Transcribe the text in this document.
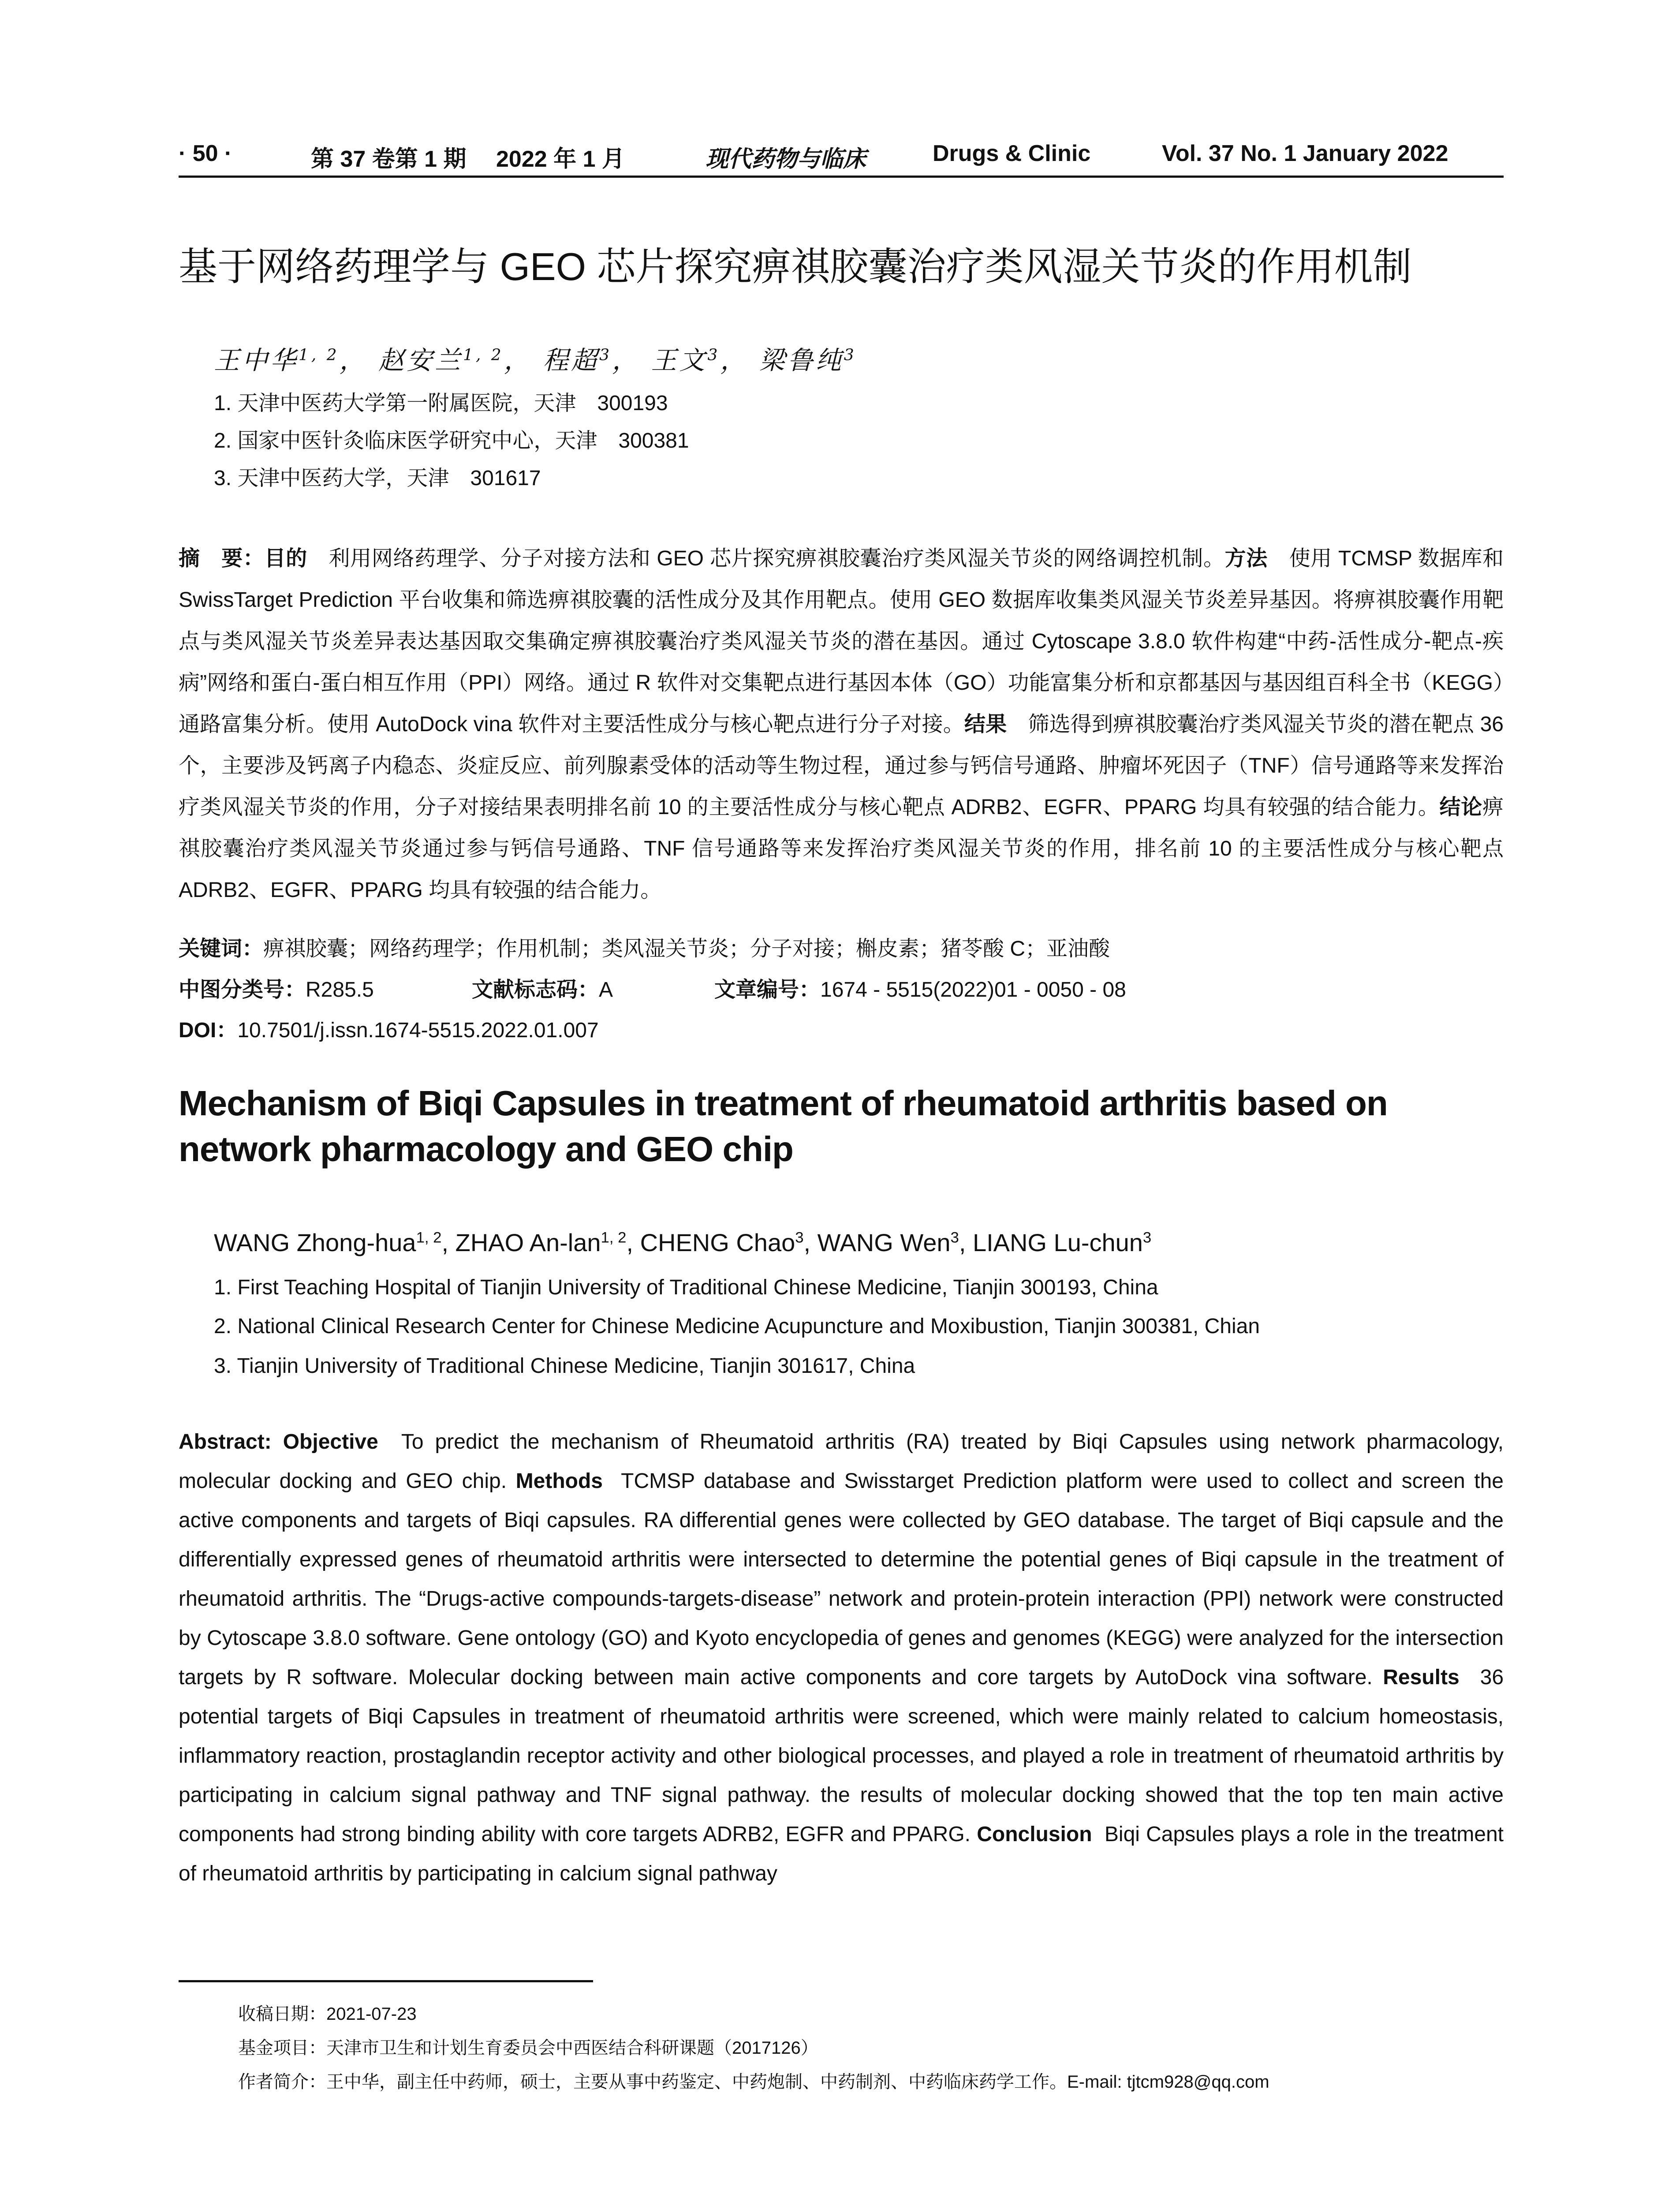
· 50 ·	第 37 卷第 1 期 2022 年 1 月	现代药物与临床	Drugs & Clinic	Vol. 37 No. 1 January 2022
基于网络药理学与 GEO 芯片探究痹祺胶囊治疗类风湿关节炎的作用机制
王中华$^{1, 2}$， 赵安兰$^{1, 2}$， 程超$^3$， 王文$^3$， 梁鲁纯$^3$
1. 天津中医药大学第一附属医院，天津　300193
2. 国家中医针灸临床医学研究中心，天津　300381
3. 天津中医药大学，天津　301617
摘　要：目的　 利用网络药理学、分子对接方法和 GEO 芯片探究痹祺胶囊治疗类风湿关节炎的网络调控机制。方法　 使用 TCMSP 数据库和 SwissTarget Prediction 平台收集和筛选痹祺胶囊的活性成分及其作用靶点。使用 GEO 数据库收集类风湿关节炎差异基因。将痹祺胶囊作用靶点与类风湿关节炎差异表达基因取交集确定痹祺胶囊治疗类风湿关节炎的潜在基因。通过 Cytoscape 3.8.0 软件构建“中药-活性成分-靶点-疾病”网络和蛋白-蛋白相互作用（PPI）网络。通过 R 软件对交集靶点进行基因本体（GO）功能富集分析和京都基因与基因组百科全书（KEGG）通路富集分析。使用 AutoDock vina 软件对主要活性成分与核心靶点进行分子对接。结果　 筛选得到痹祺胶囊治疗类风湿关节炎的潜在靶点 36 个，主要涉及钙离子内稳态、炎症反应、前列腺素受体的活动等生物过程，通过参与钙信号通路、肿瘤坏死因子（TNF）信号通路等来发挥治疗类风湿关节炎的作用，分子对接结果表明排名前 10 的主要活性成分与核心靶点 ADRB2、EGFR、PPARG 均具有较强的结合能力。结论痹祺胶囊治疗类风湿关节炎通过参与钙信号通路、TNF 信号通路等来发挥治疗类风湿关节炎的作用，排名前 10 的主要活性成分与核心靶点 ADRB2、EGFR、PPARG 均具有较强的结合能力。
关键词：痹祺胶囊；网络药理学；作用机制；类风湿关节炎；分子对接；槲皮素；猪苓酸 C；亚油酸
中图分类号：R285.5	文献标志码：A	文章编号：1674 - 5515(2022)01 - 0050 - 08
DOI：10.7501/j.issn.1674-5515.2022.01.007
Mechanism of Biqi Capsules in treatment of rheumatoid arthritis based on network pharmacology and GEO chip
WANG Zhong-hua$^{1, 2}$, ZHAO An-lan$^{1, 2}$, CHENG Chao$^3$, WANG Wen$^3$, LIANG Lu-chun$^3$
1. First Teaching Hospital of Tianjin University of Traditional Chinese Medicine, Tianjin 300193, China
2. National Clinical Research Center for Chinese Medicine Acupuncture and Moxibustion, Tianjin 300381, Chian
3. Tianjin University of Traditional Chinese Medicine, Tianjin 301617, China
Abstract: Objective To predict the mechanism of Rheumatoid arthritis (RA) treated by Biqi Capsules using network pharmacology, molecular docking and GEO chip. Methods TCMSP database and Swisstarget Prediction platform were used to collect and screen the active components and targets of Biqi capsules. RA differential genes were collected by GEO database. The target of Biqi capsule and the differentially expressed genes of rheumatoid arthritis were intersected to determine the potential genes of Biqi capsule in the treatment of rheumatoid arthritis. The “Drugs-active compounds-targets-disease” network and protein-protein interaction (PPI) network were constructed by Cytoscape 3.8.0 software. Gene ontology (GO) and Kyoto encyclopedia of genes and genomes (KEGG) were analyzed for the intersection targets by R software. Molecular docking between main active components and core targets by AutoDock vina software. Results 36 potential targets of Biqi Capsules in treatment of rheumatoid arthritis were screened, which were mainly related to calcium homeostasis, inflammatory reaction, prostaglandin receptor activity and other biological processes, and played a role in treatment of rheumatoid arthritis by participating in calcium signal pathway and TNF signal pathway. the results of molecular docking showed that the top ten main active components had strong binding ability with core targets ADRB2, EGFR and PPARG. Conclusion Biqi Capsules plays a role in the treatment of rheumatoid arthritis by participating in calcium signal pathway
收稿日期：2021-07-23
基金项目：天津市卫生和计划生育委员会中西医结合科研课题（2017126）
作者简介：王中华，副主任中药师，硕士，主要从事中药鉴定、中药炮制、中药制剂、中药临床药学工作。E-mail: tjtcm928@qq.com
